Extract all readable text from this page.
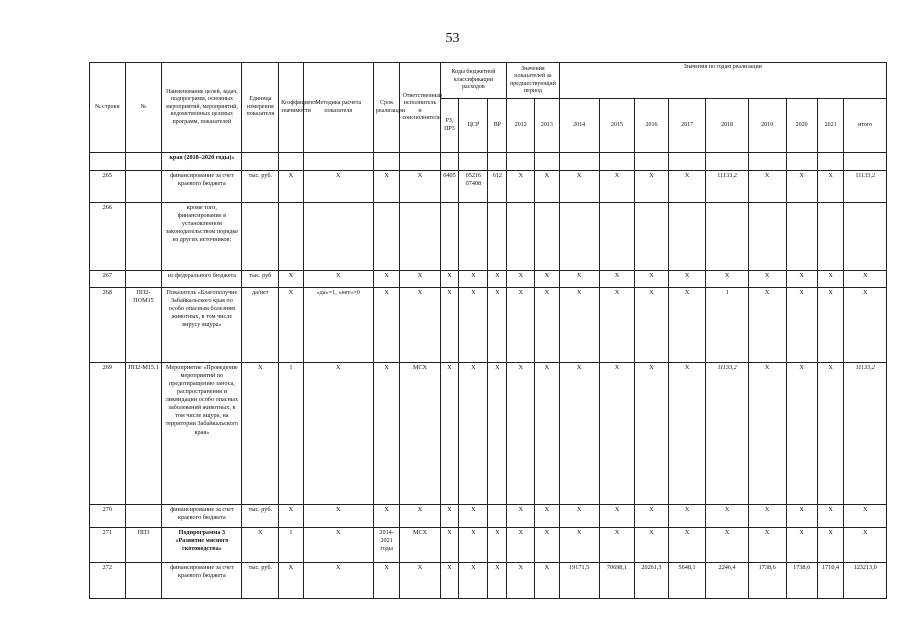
53
№ строки	№	Наименование целей, задач, подпрограмм, основных мероприятий, мероприятий, ведомственных целевых программ, показателей	Единица измерения показателя	Коэффициент значимости	Методика расчета показателя	Срок реализации	Ответственный исполнитель и соисполнители	Коды бюджетной классификации расходов			Значения показателей за предшествующий период		Значения по годам реализации								
								РЗ, ПР3	ЦСР	ВР	2012	2013	2014	2015	2016	2017	2018	2019	2020	2021	итого
		края (2018–2020 годы)»																			
265		финансирование за счет краевого бюджета	тыс. руб.	Х	Х	Х	Х	0405	05216 07408	612	Х	Х	Х	Х	Х	Х	11133,2	Х	Х	Х	11133,2
266		кроме того, финансирование в установленном законодательством порядке из других источников:																			
267		из федерального бюджета	тыс. руб	Х	Х	Х	Х	Х	Х	Х	Х	Х	Х	Х	Х	Х	Х	Х	Х	Х	Х
268	ПП2-ПОМ15	Показатель «Благополучие Забайкальского края по особо опасным болезням животных, в том числе вирусу ящура»	да/нет	Х	«да»=1, «нет»=0	Х	Х	Х	Х	Х	Х	Х	Х	Х	Х	Х	1	Х	Х	Х	Х
269	ПП2-М15.1	Мероприятие «Проведение мероприятий по предотвращению заноса, распространения и ликвидации особо опасных заболеваний животных, в том числе ящура, на территории Забайкальского края»	Х	1	Х	Х	МСХ	Х	Х	Х	Х	Х	Х	Х	Х	Х	11133,2	Х	Х	Х	11133,2
270		финансирование за счет краевого бюджета	тыс. руб.	Х	Х	Х	Х	Х	Х		Х	Х	Х	Х	Х	Х	Х	Х	Х	Х	Х
271	ПП3	Подпрограмма 3 «Развитие мясного скотоводства»	Х	1	Х	2014-2021 годы	МСХ	Х	Х	Х	Х	Х	Х	Х	Х	Х	Х	Х	Х	Х	Х
272		финансирование за счет краевого бюджета	тыс. руб.	Х	Х	Х	Х	Х	Х	Х	Х	Х	19171,5	70698,1	20261,3	5648,1	2246,4	1738,6	1738,6	1710,4	123213,0
